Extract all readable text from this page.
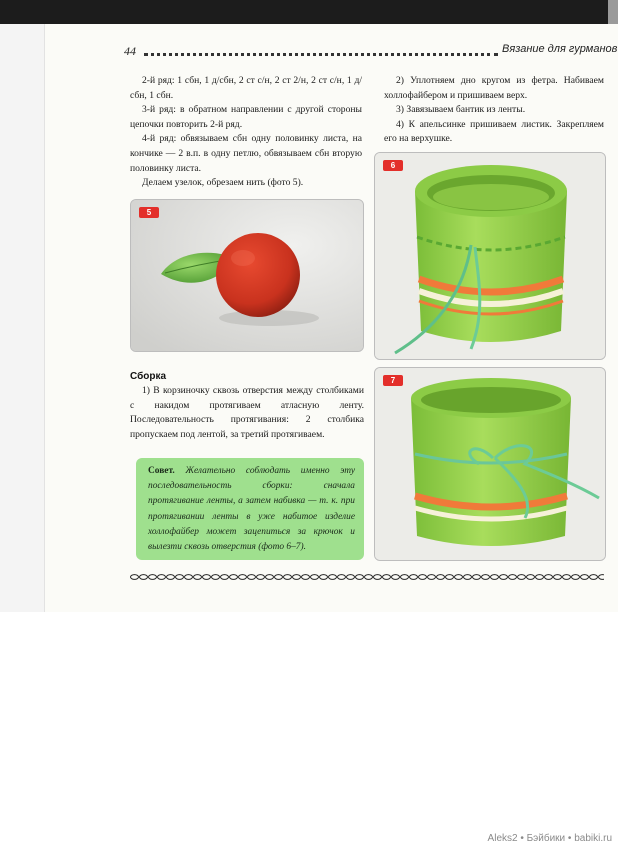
44	Вязание для гурманов

2-й ряд: 1 сбн, 1 д/сбн, 2 ст с/н, 2 ст 2/н, 2 ст с/н, 1 д/сбн, 1 сбн.

3-й ряд: в обратном направлении с другой стороны цепочки повторить 2-й ряд.

4-й ряд: обвязываем сбн одну половинку листа, на кончике — 2 в.п. в одну петлю, обвязываем сбн вторую половинку листа.

Делаем узелок, обрезаем нить (фото 5).

2) Уплотняем дно кругом из фетра. Набиваем холлофайбером и пришиваем верх.

3) Завязываем бантик из ленты.

4) К апельсинке пришиваем листик. Закрепляем его на верхушке.

5
6
Сборка

1) В корзиночку сквозь отверстия между столбиками с накидом протягиваем атласную ленту. Последовательность протягивания: 2 столбика пропускаем под лентой, за третий протягиваем.

Совет. Желательно соблюдать именно эту последовательность сборки: сначала протягивание ленты, а затем набивка — т. к. при протягивании ленты в уже набитое изделие холлофайбер может зацепиться за крючок и вылезти сквозь отверстия (фото 6–7).

7
Aleks2 • Бэйбики • babiki.ru
